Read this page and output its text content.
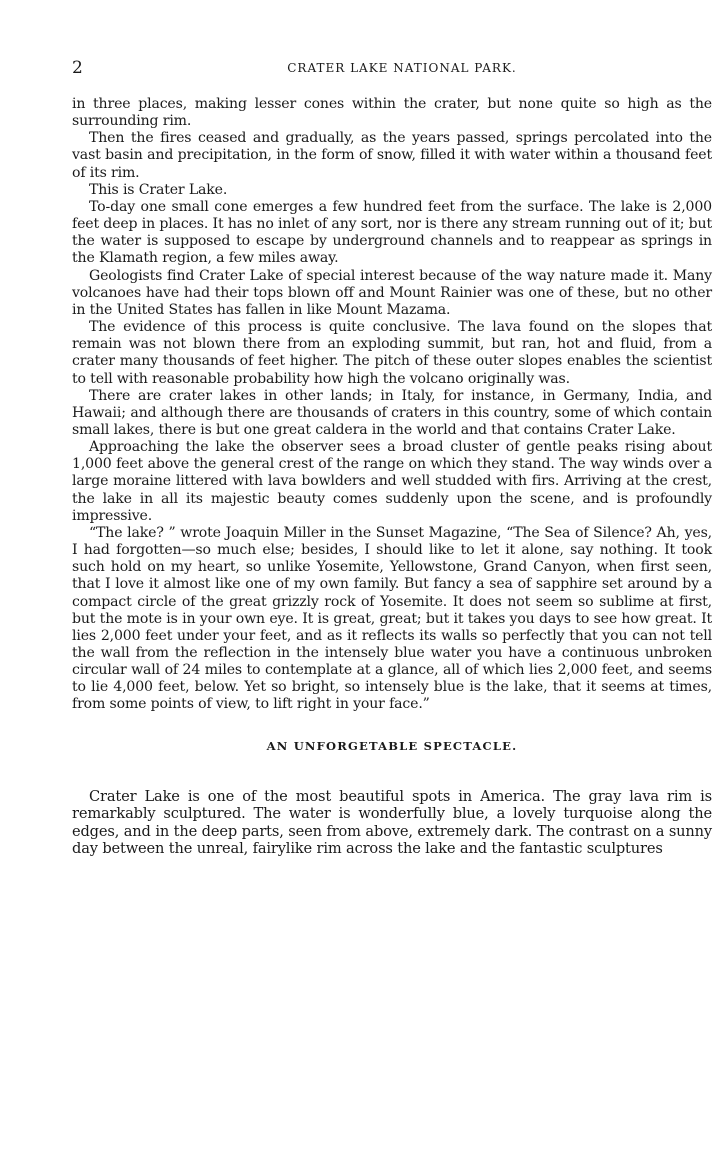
2	CRATER LAKE NATIONAL PARK.

in three places, making lesser cones within the crater, but none quite so high as the surrounding rim.

Then the fires ceased and gradually, as the years passed, springs percolated into the vast basin and precipitation, in the form of snow, filled it with water within a thousand feet of its rim.

This is Crater Lake.

To-day one small cone emerges a few hundred feet from the surface. The lake is 2,000 feet deep in places. It has no inlet of any sort, nor is there any stream running out of it; but the water is supposed to escape by underground channels and to reappear as springs in the Klamath region, a few miles away.

Geologists find Crater Lake of special interest because of the way nature made it. Many volcanoes have had their tops blown off and Mount Rainier was one of these, but no other in the United States has fallen in like Mount Mazama.

The evidence of this process is quite conclusive. The lava found on the slopes that remain was not blown there from an exploding summit, but ran, hot and fluid, from a crater many thousands of feet higher. The pitch of these outer slopes enables the scientist to tell with reasonable probability how high the volcano originally was.

There are crater lakes in other lands; in Italy, for instance, in Germany, India, and Hawaii; and although there are thousands of craters in this country, some of which contain small lakes, there is but one great caldera in the world and that contains Crater Lake.

Approaching the lake the observer sees a broad cluster of gentle peaks rising about 1,000 feet above the general crest of the range on which they stand. The way winds over a large moraine littered with lava bowlders and well studded with firs. Arriving at the crest, the lake in all its majestic beauty comes suddenly upon the scene, and is profoundly impressive.

“The lake? ” wrote Joaquin Miller in the Sunset Magazine, “The Sea of Silence? Ah, yes, I had forgotten—so much else; besides, I should like to let it alone, say nothing. It took such hold on my heart, so unlike Yosemite, Yellowstone, Grand Canyon, when first seen, that I love it almost like one of my own family. But fancy a sea of sapphire set around by a compact circle of the great grizzly rock of Yosemite. It does not seem so sublime at first, but the mote is in your own eye. It is great, great; but it takes you days to see how great. It lies 2,000 feet under your feet, and as it reflects its walls so perfectly that you can not tell the wall from the reflection in the intensely blue water you have a continuous unbroken circular wall of 24 miles to contemplate at a glance, all of which lies 2,000 feet, and seems to lie 4,000 feet, below. Yet so bright, so intensely blue is the lake, that it seems at times, from some points of view, to lift right in your face.”

AN UNFORGETABLE SPECTACLE.

Crater Lake is one of the most beautiful spots in America. The gray lava rim is remarkably sculptured. The water is wonderfully blue, a lovely turquoise along the edges, and in the deep parts, seen from above, extremely dark. The contrast on a sunny day between the unreal, fairylike rim across the lake and the fantastic sculptures
